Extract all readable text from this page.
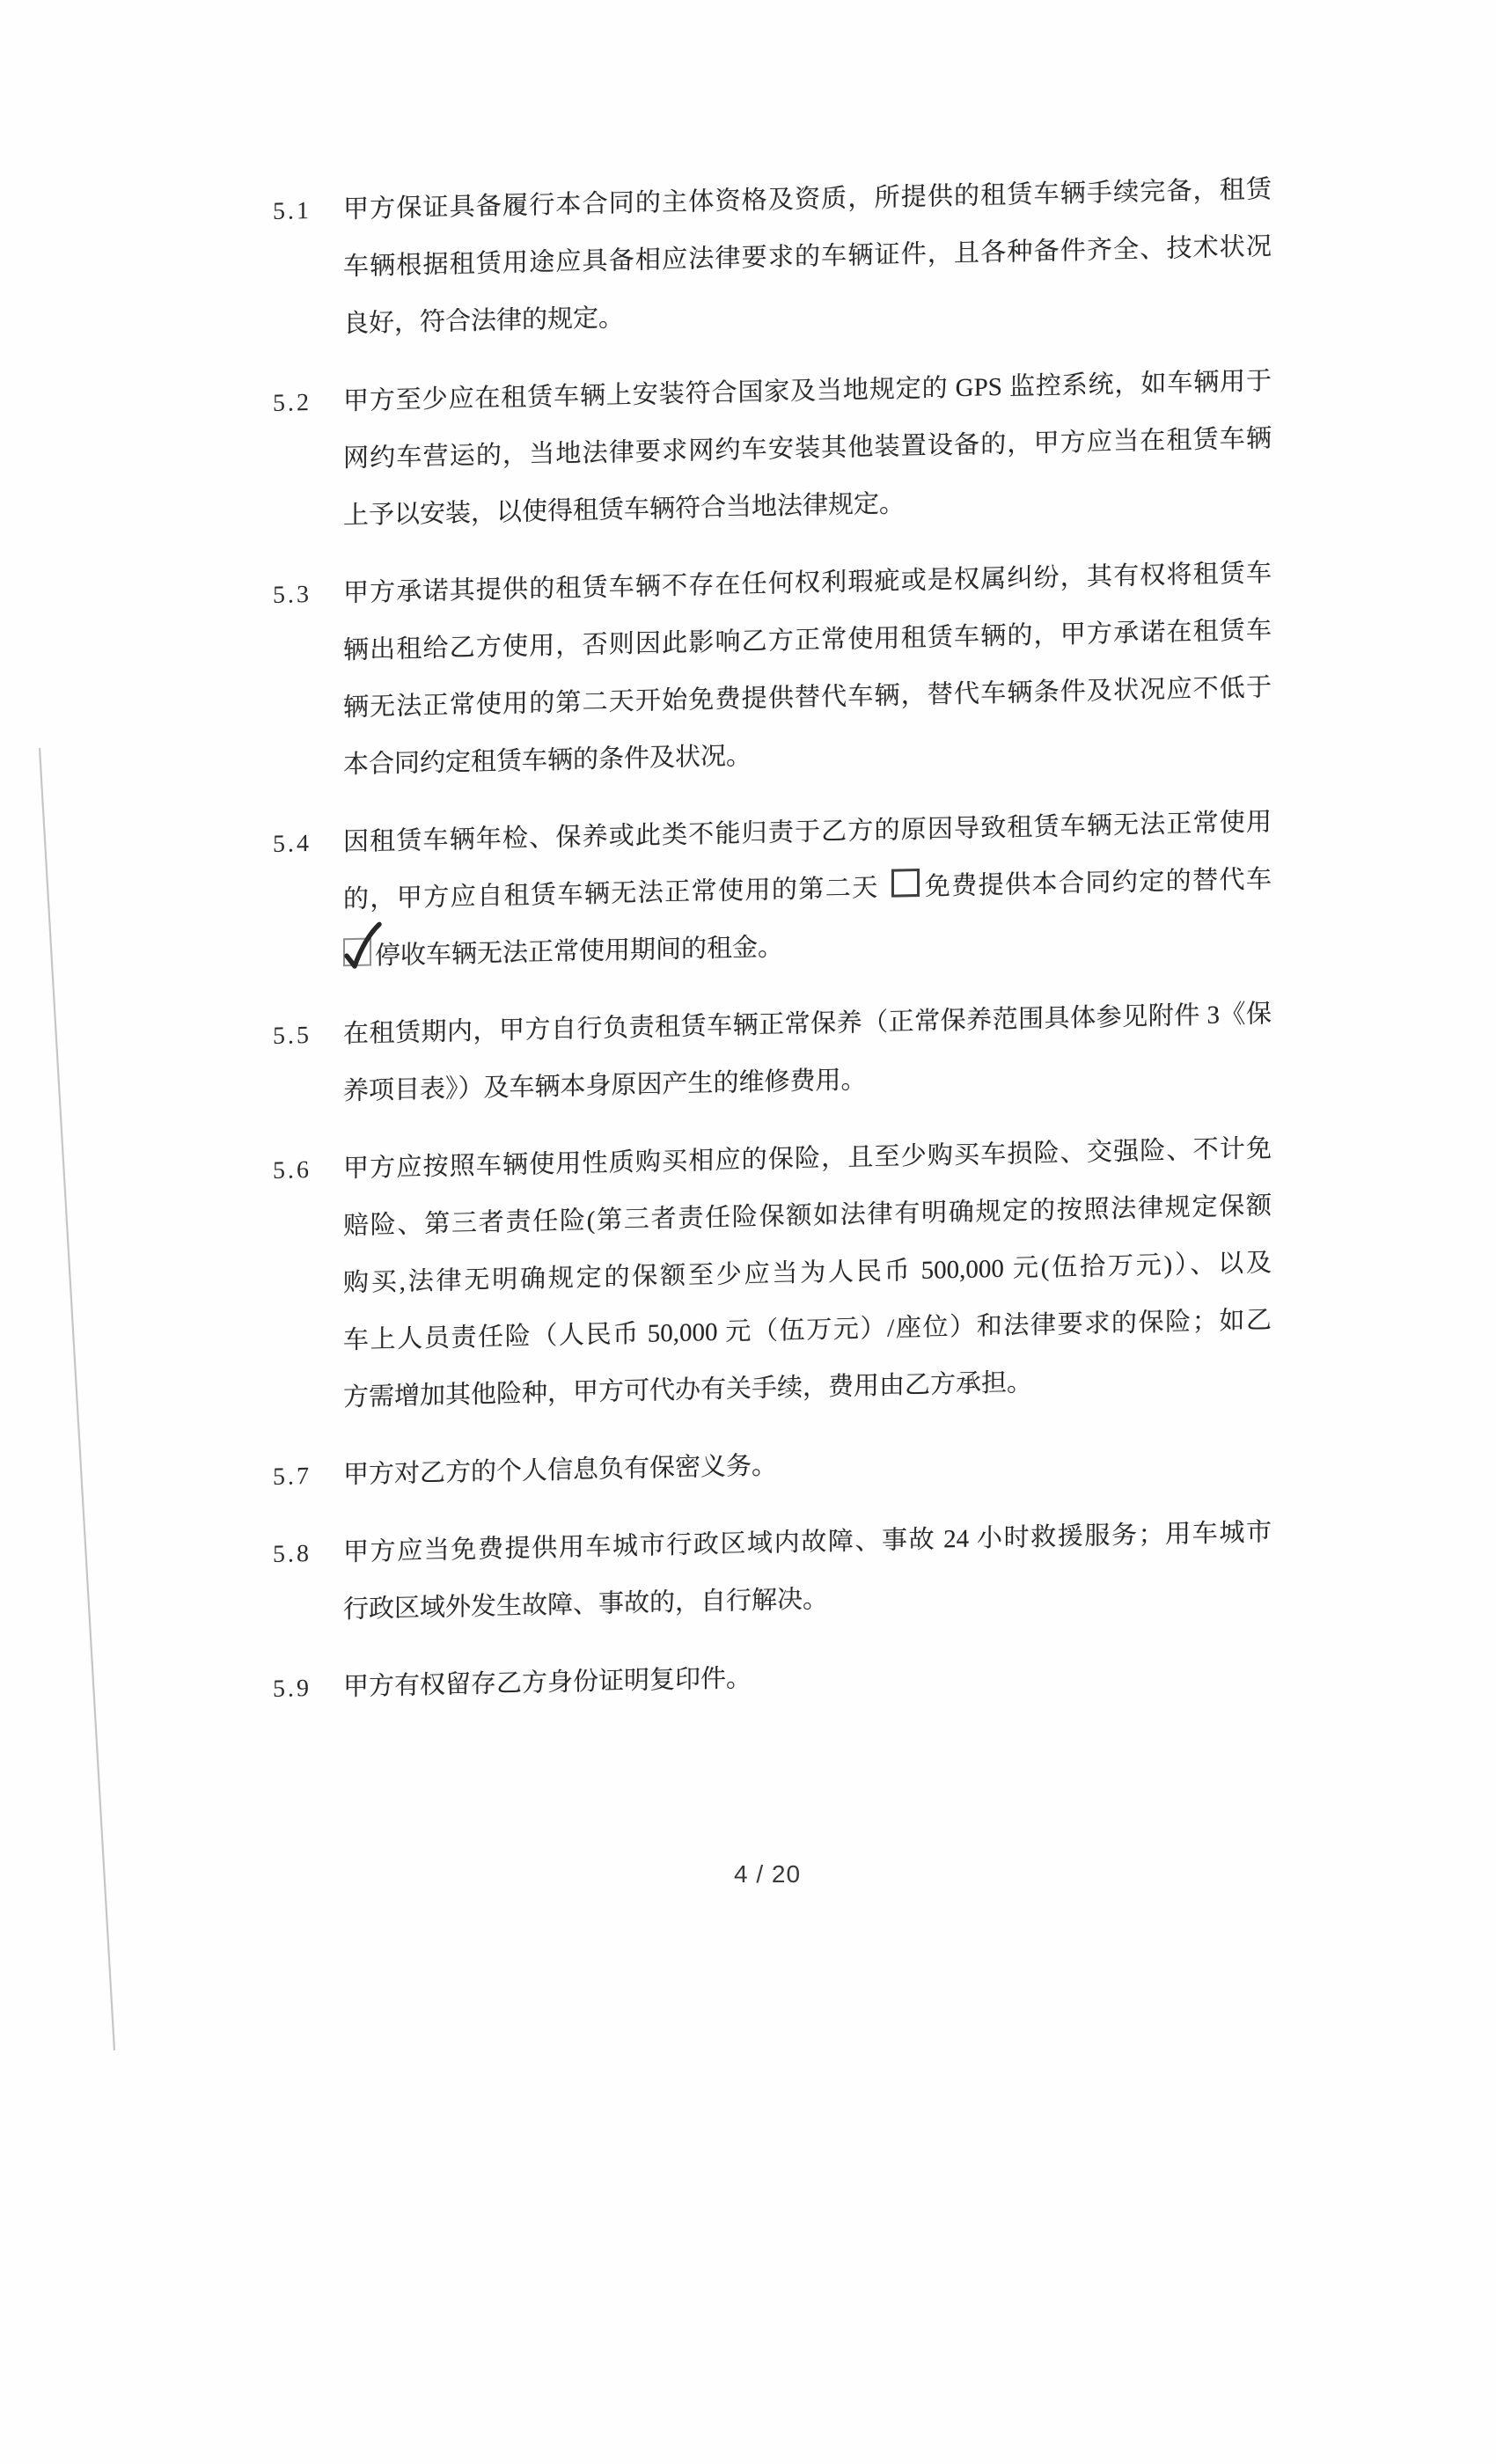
5.1	甲方保证具备履行本合同的主体资格及资质，所提供的租赁车辆手续完备，租赁
车辆根据租赁用途应具备相应法律要求的车辆证件，且各种备件齐全、技术状况
良好，符合法律的规定。
5.2	甲方至少应在租赁车辆上安装符合国家及当地规定的 GPS 监控系统，如车辆用于
网约车营运的，当地法律要求网约车安装其他装置设备的，甲方应当在租赁车辆
上予以安装，以使得租赁车辆符合当地法律规定。
5.3	甲方承诺其提供的租赁车辆不存在任何权利瑕疵或是权属纠纷，其有权将租赁车
辆出租给乙方使用，否则因此影响乙方正常使用租赁车辆的，甲方承诺在租赁车
辆无法正常使用的第二天开始免费提供替代车辆，替代车辆条件及状况应不低于
本合同约定租赁车辆的条件及状况。
5.4	因租赁车辆年检、保养或此类不能归责于乙方的原因导致租赁车辆无法正常使用
的，甲方应自租赁车辆无法正常使用的第二天 免费提供本合同约定的替代车
停收车辆无法正常使用期间的租金。
5.5	在租赁期内，甲方自行负责租赁车辆正常保养（正常保养范围具体参见附件 3《保
养项目表》）及车辆本身原因产生的维修费用。
5.6	甲方应按照车辆使用性质购买相应的保险，且至少购买车损险、交强险、不计免
赔险、第三者责任险(第三者责任险保额如法律有明确规定的按照法律规定保额
购买,法律无明确规定的保额至少应当为人民币 500,000 元(伍拾万元)）、以及
车上人员责任险（人民币 50,000 元（伍万元）/座位）和法律要求的保险；如乙
方需增加其他险种，甲方可代办有关手续，费用由乙方承担。
5.7	甲方对乙方的个人信息负有保密义务。
5.8	甲方应当免费提供用车城市行政区域内故障、事故 24 小时救援服务；用车城市
行政区域外发生故障、事故的，自行解决。
5.9	甲方有权留存乙方身份证明复印件。
4 / 20
